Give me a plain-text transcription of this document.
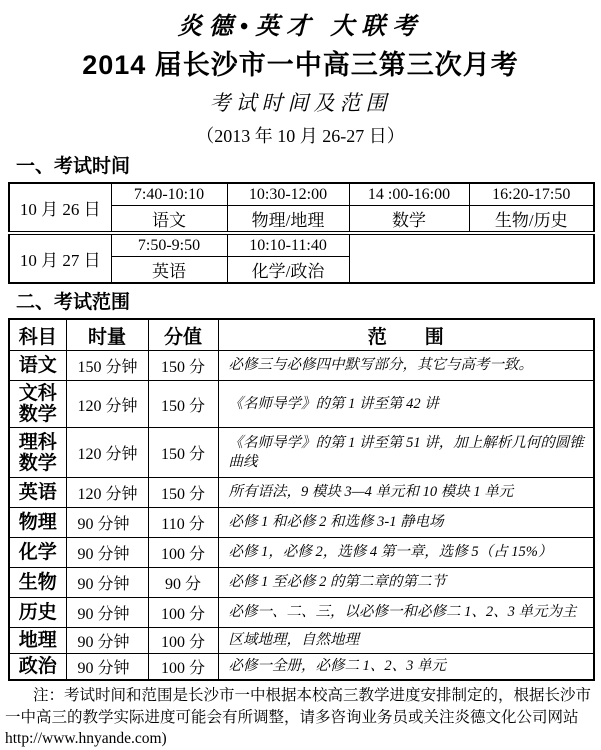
炎德•英才 大联考
2014 届长沙市一中高三第三次月考
考试时间及范围
（2013 年 10 月 26-27 日）
一、考试时间
10 月 26 日	7:40-10:10	10:30-12:00	14 :00-16:00	16:20-17:50
	语文	物理/地理	数学	生物/历史
10 月 27 日	7:50-9:50	10:10-11:40		
	英语	化学/政治		
二、考试范围
科目	时量	分值	范　　围
语文	150 分钟	150 分	必修三与必修四中默写部分，其它与高考一致。
文科数学	120 分钟	150 分	《名师导学》的第 1 讲至第 42 讲
理科数学	120 分钟	150 分	《名师导学》的第 1 讲至第 51 讲，加上解析几何的圆锥曲线
英语	120 分钟	150 分	所有语法，9 模块 3—4 单元和 10 模块 1 单元
物理	90 分钟	110 分	必修 1 和必修 2 和选修 3-1 静电场
化学	90 分钟	100 分	必修 1，必修 2，选修 4 第一章，选修 5（占 15%）
生物	90 分钟	90 分	必修 1 至必修 2 的第二章的第二节
历史	90 分钟	100 分	必修一、二、三，以必修一和必修二 1、2、3 单元为主
地理	90 分钟	100 分	区域地理，自然地理
政治	90 分钟	100 分	必修一全册，必修二 1、2、3 单元
注：考试时间和范围是长沙市一中根据本校高三教学进度安排制定的，根据长沙市
一中高三的教学实际进度可能会有所调整，请多咨询业务员或关注炎德文化公司网站
http://www.hnyande.com)
